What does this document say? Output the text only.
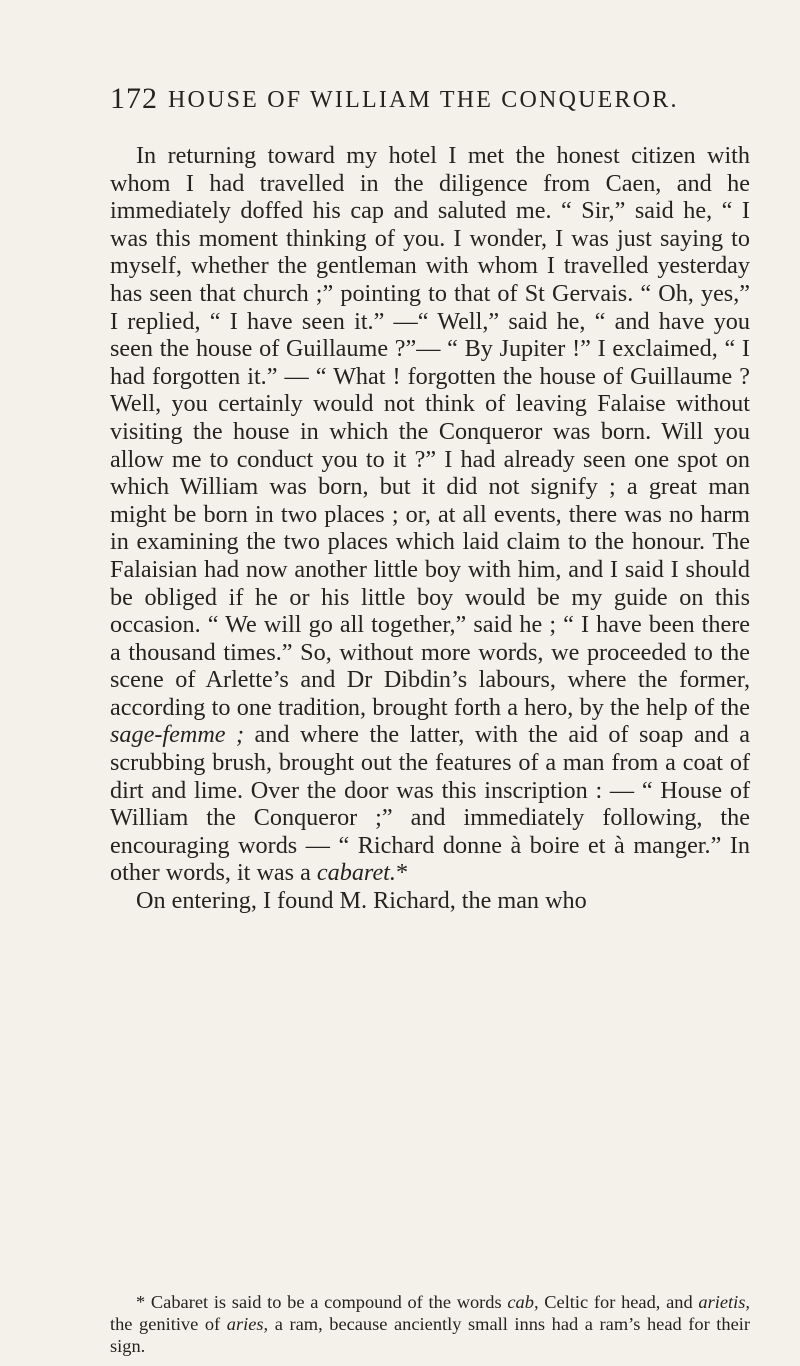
172 HOUSE OF WILLIAM THE CONQUEROR.

In returning toward my hotel I met the honest citizen with whom I had travelled in the diligence from Caen, and he immediately doffed his cap and saluted me. “ Sir,” said he, “ I was this moment thinking of you. I wonder, I was just saying to myself, whether the gentleman with whom I travelled yesterday has seen that church ;” pointing to that of St Gervais. “ Oh, yes,” I replied, “ I have seen it.” —“ Well,” said he, “ and have you seen the house of Guillaume ?”— “ By Jupiter !” I exclaimed, “ I had forgotten it.” — “ What ! forgotten the house of Guillaume ? Well, you certainly would not think of leaving Falaise without visiting the house in which the Conqueror was born. Will you allow me to conduct you to it ?” I had already seen one spot on which William was born, but it did not signify ; a great man might be born in two places ; or, at all events, there was no harm in examining the two places which laid claim to the honour. The Falaisian had now another little boy with him, and I said I should be obliged if he or his little boy would be my guide on this occasion. “ We will go all together,” said he ; “ I have been there a thousand times.” So, without more words, we proceeded to the scene of Arlette’s and Dr Dibdin’s labours, where the former, according to one tradition, brought forth a hero, by the help of the sage-femme ; and where the latter, with the aid of soap and a scrubbing brush, brought out the features of a man from a coat of dirt and lime. Over the door was this inscription : — “ House of William the Conqueror ;” and immediately following, the encouraging words — “ Richard donne à boire et à manger.” In other words, it was a cabaret.*

On entering, I found M. Richard, the man who

* Cabaret is said to be a compound of the words cab, Celtic for head, and arietis, the genitive of aries, a ram, because anciently small inns had a ram’s head for their sign.
